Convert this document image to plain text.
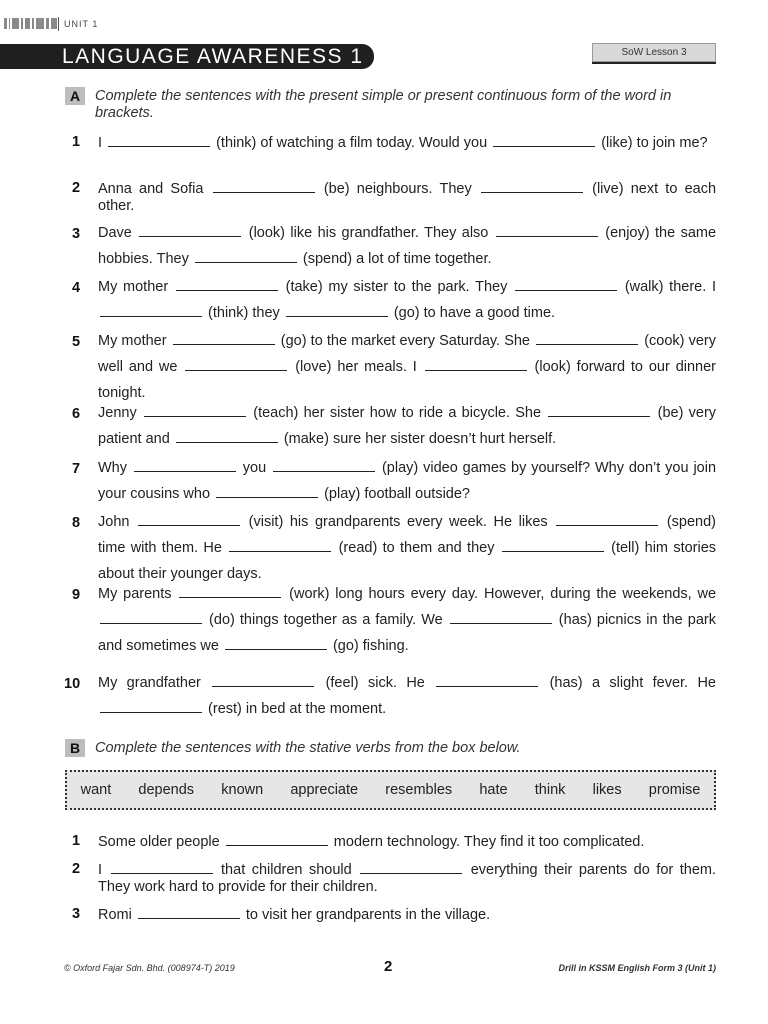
UNIT 1
LANGUAGE AWARENESS 1	SoW Lesson 3
A	Complete the sentences with the present simple or present continuous form of the word in brackets.
1 I	(think) of watching a film today. Would you	(like) to join me?
2 Anna and Sofia	(be) neighbours. They	(live) next to each other.
3 Dave	(look) like his grandfather. They also	(enjoy) the same hobbies. They	(spend) a lot of time together.
4 My mother	(take) my sister to the park. They	(walk) there. I  (think) they	(go) to have a good time.
5 My mother	(go) to the market every Saturday. She	(cook) very well and we	(love) her meals. I	(look) forward to our dinner tonight.
6 Jenny	(teach) her sister how to ride a bicycle. She	(be) very patient and	(make) sure her sister doesn’t hurt herself.
7 Why	you	(play) video games by yourself? Why don’t you join your cousins who	(play) football outside?
8 John	(visit) his grandparents every week. He likes	(spend) time with them. He	(read) to them and they	(tell) him stories about their younger days.
9 My parents	(work) long hours every day. However, during the weekends, we  (do) things together as a family. We	(has) picnics in the park and sometimes we	(go) fishing.
10 My grandfather	(feel) sick. He	(has) a slight fever. He  (rest) in bed at the moment.
B	Complete the sentences with the stative verbs from the box below.
want depends known appreciate resembles hate think likes promise
1 Some older people	modern technology. They find it too complicated.
2 I	that children should	everything their parents do for them. They work hard to provide for their children.
3 Romi	to visit her grandparents in the village.
© Oxford Fajar Sdn. Bhd. (008974-T) 2019	2	Drill in KSSM English Form 3 (Unit 1)
